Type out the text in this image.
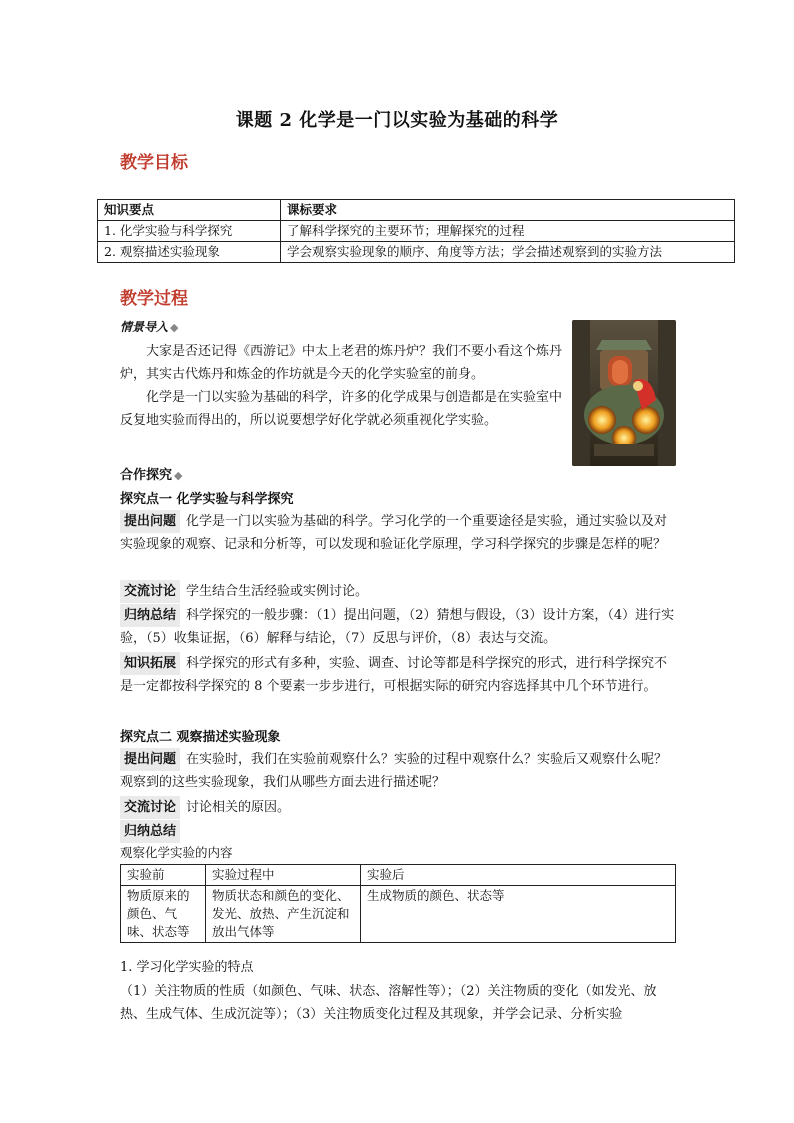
课题 2 化学是一门以实验为基础的科学
教学目标
知识要点	课标要求
1. 化学实验与科学探究	了解科学探究的主要环节；理解探究的过程
2. 观察描述实验现象	学会观察实验现象的顺序、角度等方法；学会描述观察到的实验方法
教学过程
情景导入 ◆
大家是否还记得《西游记》中太上老君的炼丹炉？我们不要小看这个炼丹炉，其实古代炼丹和炼金的作坊就是今天的化学实验室的前身。
化学是一门以实验为基础的科学，许多的化学成果与创造都是在实验室中反复地实验而得出的，所以说要想学好化学就必须重视化学实验。
合作探究 ◆
探究点一 化学实验与科学探究
提出问题 化学是一门以实验为基础的科学。学习化学的一个重要途径是实验，通过实验以及对实验现象的观察、记录和分析等，可以发现和验证化学原理，学习科学探究的步骤是怎样的呢？
交流讨论 学生结合生活经验或实例讨论。
归纳总结 科学探究的一般步骤：（1）提出问题，（2）猜想与假设，（3）设计方案，（4）进行实验，（5）收集证据，（6）解释与结论，（7）反思与评价，（8）表达与交流。
知识拓展 科学探究的形式有多种，实验、调查、讨论等都是科学探究的形式，进行科学探究不是一定都按科学探究的 8 个要素一步步进行，可根据实际的研究内容选择其中几个环节进行。
探究点二 观察描述实验现象
提出问题 在实验时，我们在实验前观察什么？实验的过程中观察什么？实验后又观察什么呢？观察到的这些实验现象，我们从哪些方面去进行描述呢？
交流讨论 讨论相关的原因。
归纳总结
观察化学实验的内容
实验前	实验过程中	实验后
物质原来的颜色、气味、状态等	物质状态和颜色的变化、发光、放热、产生沉淀和放出气体等	生成物质的颜色、状态等
1. 学习化学实验的特点
（1）关注物质的性质（如颜色、气味、状态、溶解性等）；（2）关注物质的变化（如发光、放热、生成气体、生成沉淀等）；（3）关注物质变化过程及其现象，并学会记录、分析实验
